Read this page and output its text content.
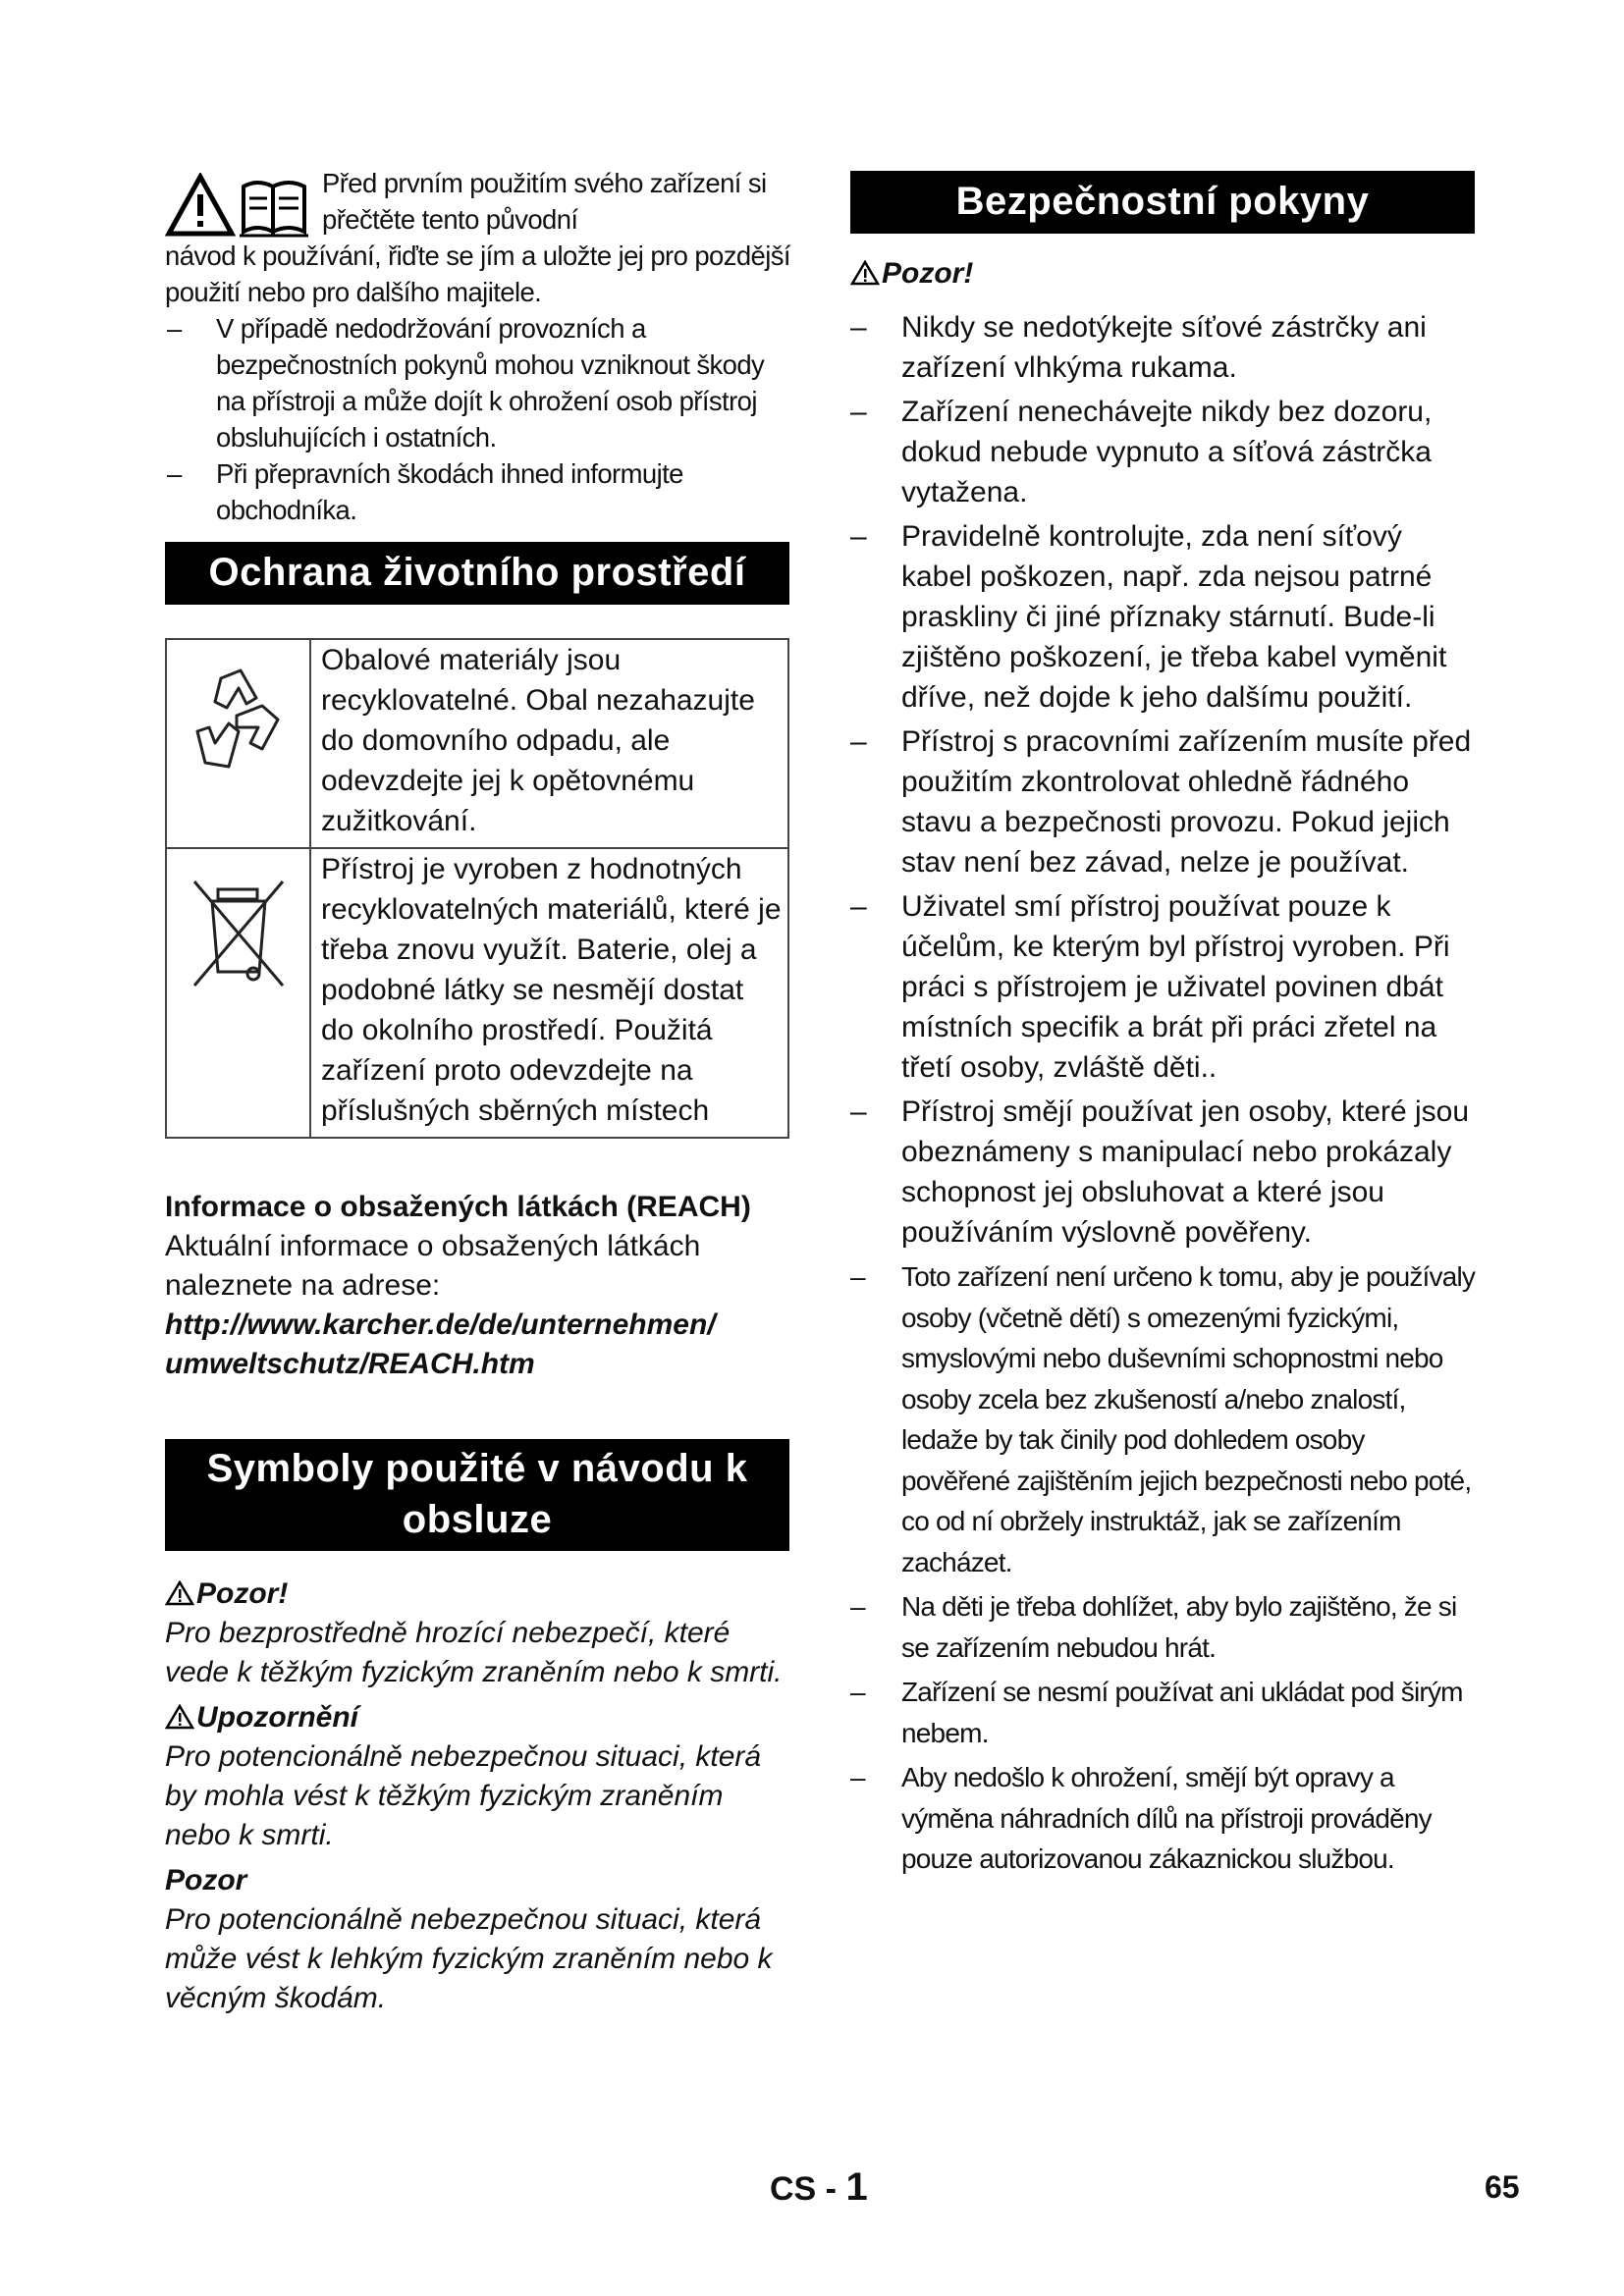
Před prvním použitím svého zařízení si přečtěte tento původní

návod k používání, řiďte se jím a uložte jej pro pozdější použití nebo pro dalšího majitele.

– V případě nedodržování provozních a bezpečnostních pokynů mohou vzniknout škody na přístroji a může dojít k ohrožení osob přístroj obsluhujících i ostatních.
– Při přepravních škodách ihned informujte obchodníka.
Ochrana životního prostředí
	Obalové materiály jsou recyklovatelné. Obal nezahazujte do domovního odpadu, ale odevzdejte jej k opětovnému zužitkování.
	Přístroj je vyroben z hodnotných recyklovatelných materiálů, které je třeba znovu využít. Baterie, olej a podobné látky se nesmějí dostat do okolního prostředí. Použitá zařízení proto odevzdejte na příslušných sběrných místech
Informace o obsažených látkách (REACH)
Aktuální informace o obsažených látkách naleznete na adrese:
http://www.karcher.de/de/unternehmen/ umweltschutz/REACH.htm
Symboly použité v návodu k
obsluze
Pozor!
Pro bezprostředně hrozící nebezpečí, které vede k těžkým fyzickým zraněním nebo k smrti.
Upozornění
Pro potencionálně nebezpečnou situaci, která by mohla vést k těžkým fyzickým zraněním nebo k smrti.
Pozor
Pro potencionálně nebezpečnou situaci, která může vést k lehkým fyzickým zraněním nebo k věcným škodám.
Bezpečnostní pokyny
Pozor!
– Nikdy se nedotýkejte síťové zástrčky ani zařízení vlhkýma rukama.
– Zařízení nenechávejte nikdy bez dozoru, dokud nebude vypnuto a síťová zástrčka vytažena.
– Pravidelně kontrolujte, zda není síťový kabel poškozen, např. zda nejsou patrné praskliny či jiné příznaky stárnutí. Bude-li zjištěno poškození, je třeba kabel vyměnit dříve, než dojde k jeho dalšímu použití.
– Přístroj s pracovními zařízením musíte před použitím zkontrolovat ohledně řádného stavu a bezpečnosti provozu. Pokud jejich stav není bez závad, nelze je používat.
– Uživatel smí přístroj používat pouze k účelům, ke kterým byl přístroj vyroben. Při práci s přístrojem je uživatel povinen dbát místních specifik a brát při práci zřetel na třetí osoby, zvláště děti..
– Přístroj smějí používat jen osoby, které jsou obeznámeny s manipulací nebo prokázaly schopnost jej obsluhovat a které jsou používáním výslovně pověřeny.
– Toto zařízení není určeno k tomu, aby je používaly osoby (včetně dětí) s omezenými fyzickými, smyslovými nebo duševními schopnostmi nebo osoby zcela bez zkušeností a/nebo znalostí, ledaže by tak činily pod dohledem osoby pověřené zajištěním jejich bezpečnosti nebo poté, co od ní obržely instruktáž, jak se zařízením zacházet.
– Na děti je třeba dohlížet, aby bylo zajištěno, že si se zařízením nebudou hrát.
– Zařízení se nesmí používat ani ukládat pod širým nebem.
– Aby nedošlo k ohrožení, smějí být opravy a výměna náhradních dílů na přístroji prováděny pouze autorizovanou zákaznickou službou.
CS - 1	65
